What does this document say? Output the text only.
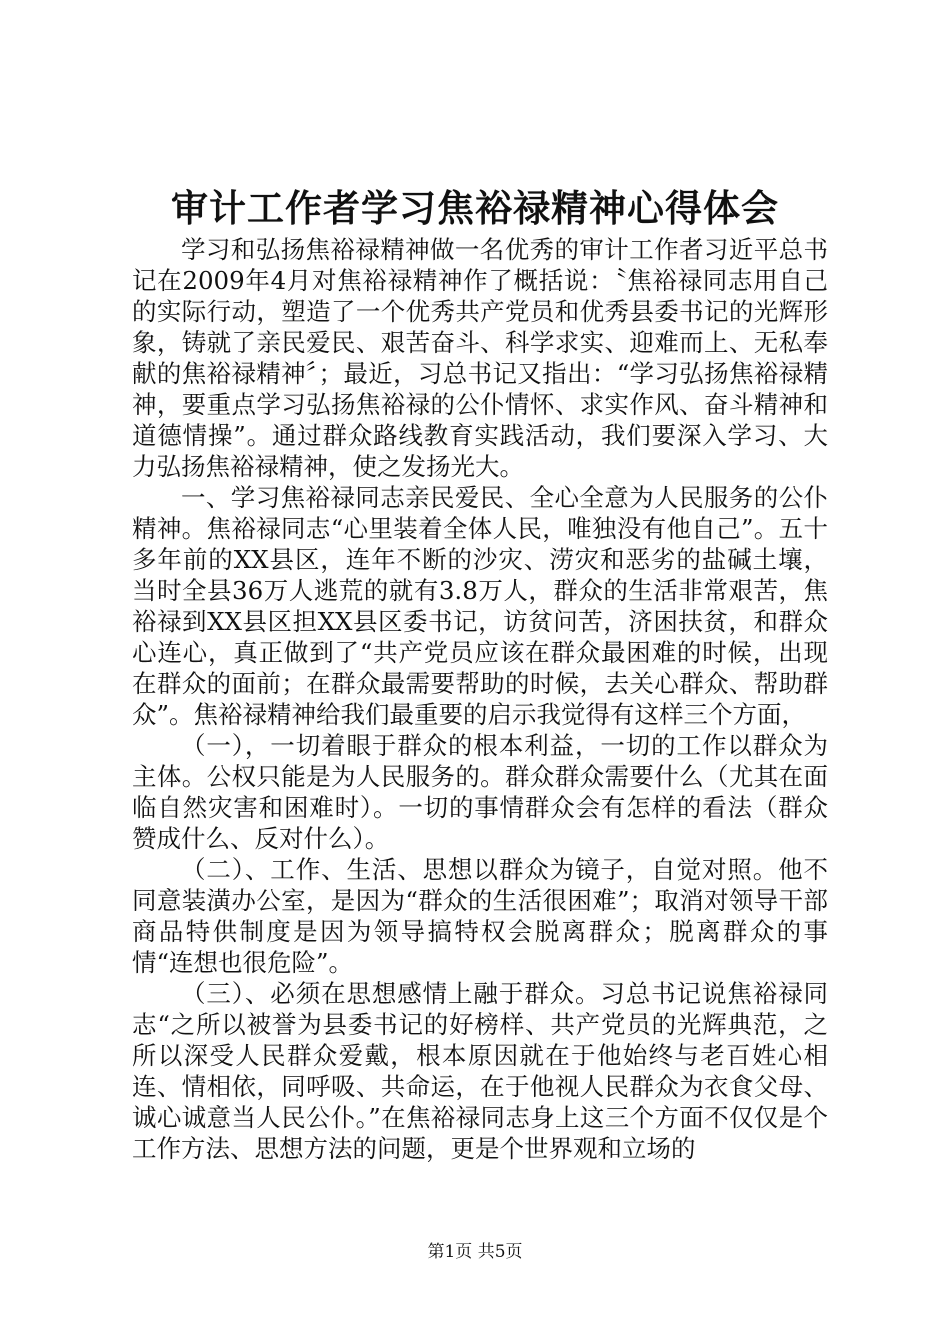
审计工作者学习焦裕禄精神心得体会

学习和弘扬焦裕禄精神做一名优秀的审计工作者习近平总书记在2009年4月对焦裕禄精神作了概括说：〝焦裕禄同志用自己的实际行动，塑造了一个优秀共产党员和优秀县委书记的光辉形象，铸就了亲民爱民、艰苦奋斗、科学求实、迎难而上、无私奉献的焦裕禄精神〞；最近，习总书记又指出：“学习弘扬焦裕禄精神，要重点学习弘扬焦裕禄的公仆情怀、求实作风、奋斗精神和道德情操”。通过群众路线教育实践活动，我们要深入学习、大力弘扬焦裕禄精神，使之发扬光大。

一、学习焦裕禄同志亲民爱民、全心全意为人民服务的公仆精神。焦裕禄同志“心里装着全体人民，唯独没有他自己”。五十多年前的XX县区，连年不断的沙灾、涝灾和恶劣的盐碱土壤，当时全县36万人逃荒的就有3.8万人，群众的生活非常艰苦，焦裕禄到XX县区担XX县区委书记，访贫问苦，济困扶贫，和群众心连心，真正做到了“共产党员应该在群众最困难的时候，出现在群众的面前；在群众最需要帮助的时候，去关心群众、帮助群众”。焦裕禄精神给我们最重要的启示我觉得有这样三个方面，

（一），一切着眼于群众的根本利益，一切的工作以群众为主体。公权只能是为人民服务的。群众群众需要什么（尤其在面临自然灾害和困难时）。一切的事情群众会有怎样的看法（群众赞成什么、反对什么）。

（二）、工作、生活、思想以群众为镜子，自觉对照。他不同意装潢办公室，是因为“群众的生活很困难”；取消对领导干部商品特供制度是因为领导搞特权会脱离群众；脱离群众的事情“连想也很危险”。

（三）、必须在思想感情上融于群众。习总书记说焦裕禄同志“之所以被誉为县委书记的好榜样、共产党员的光辉典范，之所以深受人民群众爱戴，根本原因就在于他始终与老百姓心相连、情相依，同呼吸、共命运，在于他视人民群众为衣食父母、诚心诚意当人民公仆。”在焦裕禄同志身上这三个方面不仅仅是个工作方法、思想方法的问题，更是个世界观和立场的

第1页 共5页
